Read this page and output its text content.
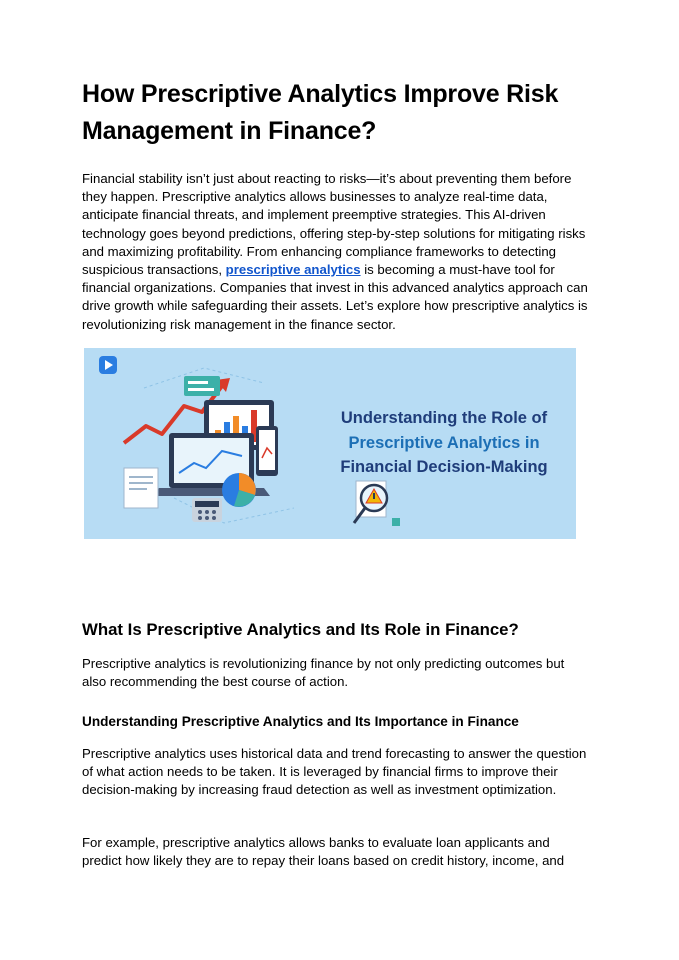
How Prescriptive Analytics Improve Risk Management in Finance?

Financial stability isn’t just about reacting to risks—it’s about preventing them before they happen. Prescriptive analytics allows businesses to analyze real-time data, anticipate financial threats, and implement preemptive strategies. This AI-driven technology goes beyond predictions, offering step-by-step solutions for mitigating risks and maximizing profitability. From enhancing compliance frameworks to detecting suspicious transactions, prescriptive analytics is becoming a must-have tool for financial organizations. Companies that invest in this advanced analytics approach can drive growth while safeguarding their assets. Let’s explore how prescriptive analytics is revolutionizing risk management in the finance sector.

Understanding the Role of
Prescriptive Analytics in
Financial Decision-Making
What Is Prescriptive Analytics and Its Role in Finance?

Prescriptive analytics is revolutionizing finance by not only predicting outcomes but also recommending the best course of action.

Understanding Prescriptive Analytics and Its Importance in Finance

Prescriptive analytics uses historical data and trend forecasting to answer the question of what action needs to be taken. It is leveraged by financial firms to improve their decision-making by increasing fraud detection as well as investment optimization.

For example, prescriptive analytics allows banks to evaluate loan applicants and predict how likely they are to repay their loans based on credit history, income, and
